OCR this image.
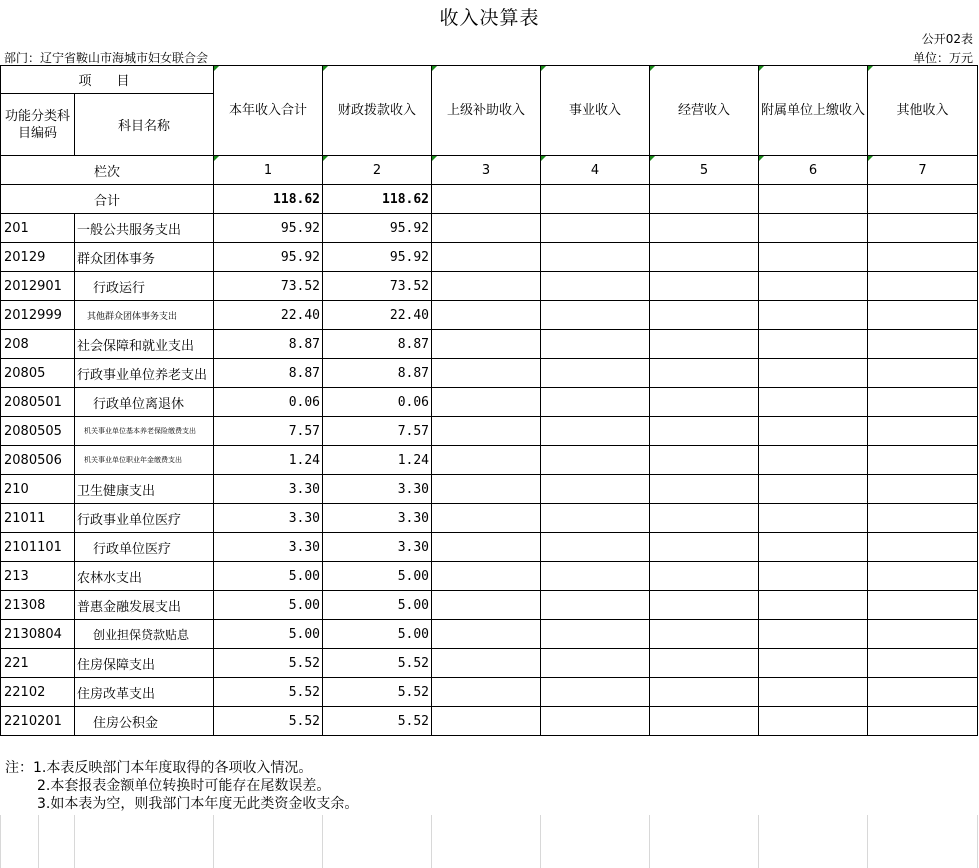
收入决算表
公开02表
部门：辽宁省鞍山市海城市妇女联合会	单位：万元
项　目		本年收入合计	财政拨款收入	上级补助收入	事业收入	经营收入	附属单位上缴收入	其他收入
功能分类科目编码	科目名称							
栏次		1	2	3	4	5	6	7
合计		118.62	118.62					
201	一般公共服务支出	95.92	95.92					
20129	群众团体事务	95.92	95.92					
2012901	行政运行	73.52	73.52					
2012999	其他群众团体事务支出	22.40	22.40					
208	社会保障和就业支出	8.87	8.87					
20805	行政事业单位养老支出	8.87	8.87					
2080501	行政单位离退休	0.06	0.06					
2080505	机关事业单位基本养老保险缴费支出	7.57	7.57					
2080506	机关事业单位职业年金缴费支出	1.24	1.24					
210	卫生健康支出	3.30	3.30					
21011	行政事业单位医疗	3.30	3.30					
2101101	行政单位医疗	3.30	3.30					
213	农林水支出	5.00	5.00					
21308	普惠金融发展支出	5.00	5.00					
2130804	创业担保贷款贴息	5.00	5.00					
221	住房保障支出	5.52	5.52					
22102	住房改革支出	5.52	5.52					
2210201	住房公积金	5.52	5.52					
注：1.本表反映部门本年度取得的各项收入情况。
2.本套报表金额单位转换时可能存在尾数误差。
3.如本表为空，则我部门本年度无此类资金收支余。
